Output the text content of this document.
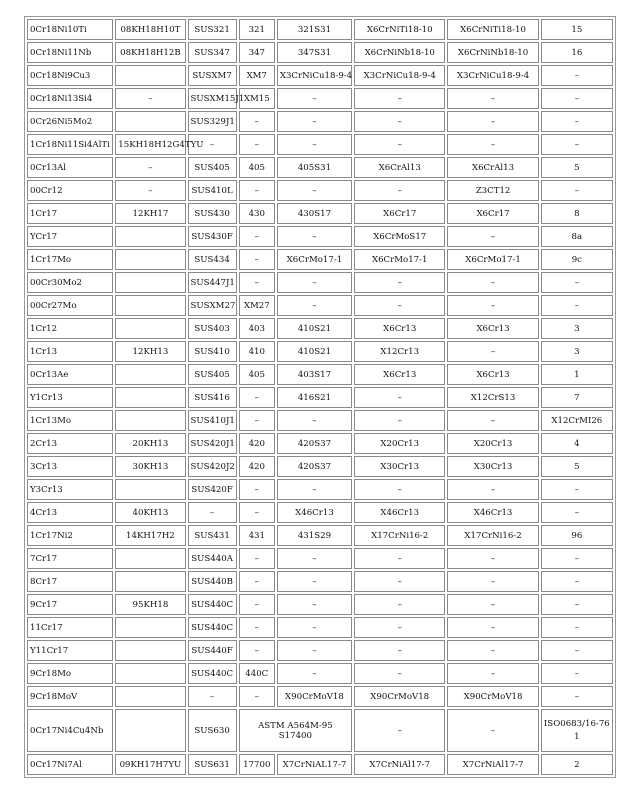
0Cr18Ni10Ti	08KH18H10T	SUS321	321	321S31	X6CrNiTi18-10	X6CrNiTi18-10	15
0Cr18Ni11Nb	08KH18H12B	SUS347	347	347S31	X6CrNiNb18-10	X6CrNiNb18-10	16
0Cr18Ni9Cu3		SUSXM7	XM7	X3CrNiCu18-9-4	X3CrNiCu18-9-4	X3CrNiCu18-9-4	–
0Cr18Ni13Si4	–	SUSXM15J1	XM15	–	–	–	–
0Cr26Ni5Mo2		SUS329J1	–	–	–	–	–
1Cr18Ni11Si4AlTi	15KH18H12G4TYU	–	–	–	–	–	–
0Cr13Al	–	SUS405	405	405S31	X6CrAl13	X6CrAl13	5
00Cr12	–	SUS410L	–	–	–	Z3CT12	–
1Cr17	12KH17	SUS430	430	430S17	X6Cr17	X6Cr17	8
YCr17		SUS430F	–	–	X6CrMoS17	–	8a
1Cr17Mo		SUS434	–	X6CrMo17-1	X6CrMo17-1	X6CrMo17-1	9c
00Cr30Mo2		SUS447J1	–	–	–	–	–
00Cr27Mo		SUSXM27	XM27	–	–	–	–
1Cr12		SUS403	403	410S21	X6Cr13	X6Cr13	3
1Cr13	12KH13	SUS410	410	410S21	X12Cr13	–	3
0Cr13Ae		SUS405	405	403S17	X6Cr13	X6Cr13	1
Y1Cr13		SUS416	–	416S21	–	X12CrS13	7
1Cr13Mo		SUS410J1	–	–	–	–	X12CrMI26
2Cr13	20KH13	SUS420J1	420	420S37	X20Cr13	X20Cr13	4
3Cr13	30KH13	SUS420J2	420	420S37	X30Cr13	X30Cr13	5
Y3Cr13		SUS420F	–	–	–	–	–
4Cr13	40KH13	–	–	X46Cr13	X46Cr13	X46Cr13	–
1Cr17Ni2	14KH17H2	SUS431	431	431S29	X17CrNi16-2	X17CrNi16-2	96
7Cr17		SUS440A	–	–	–	–	–
8Cr17		SUS440B	–	–	–	–	–
9Cr17	95KH18	SUS440C	–	–	–	–	–
11Cr17		SUS440C	–	–	–	–	–
Y11Cr17		SUS440F	–	–	–	–	–
9Cr18Mo		SUS440C	440C	–	–	–	–
9Cr18MoV		–	–	X90CrMoV18	X90CrMoV18	X90CrMoV18	–
0Cr17Ni4Cu4Nb		SUS630	ASTM A564M-95 S17400		–	–	ISO0683/16-76 1
0Cr17Ni7Al	09KH17H7YU	SUS631	17700	X7CrNiAL17-7	X7CrNiAl17-7	X7CrNiAl17-7	2
